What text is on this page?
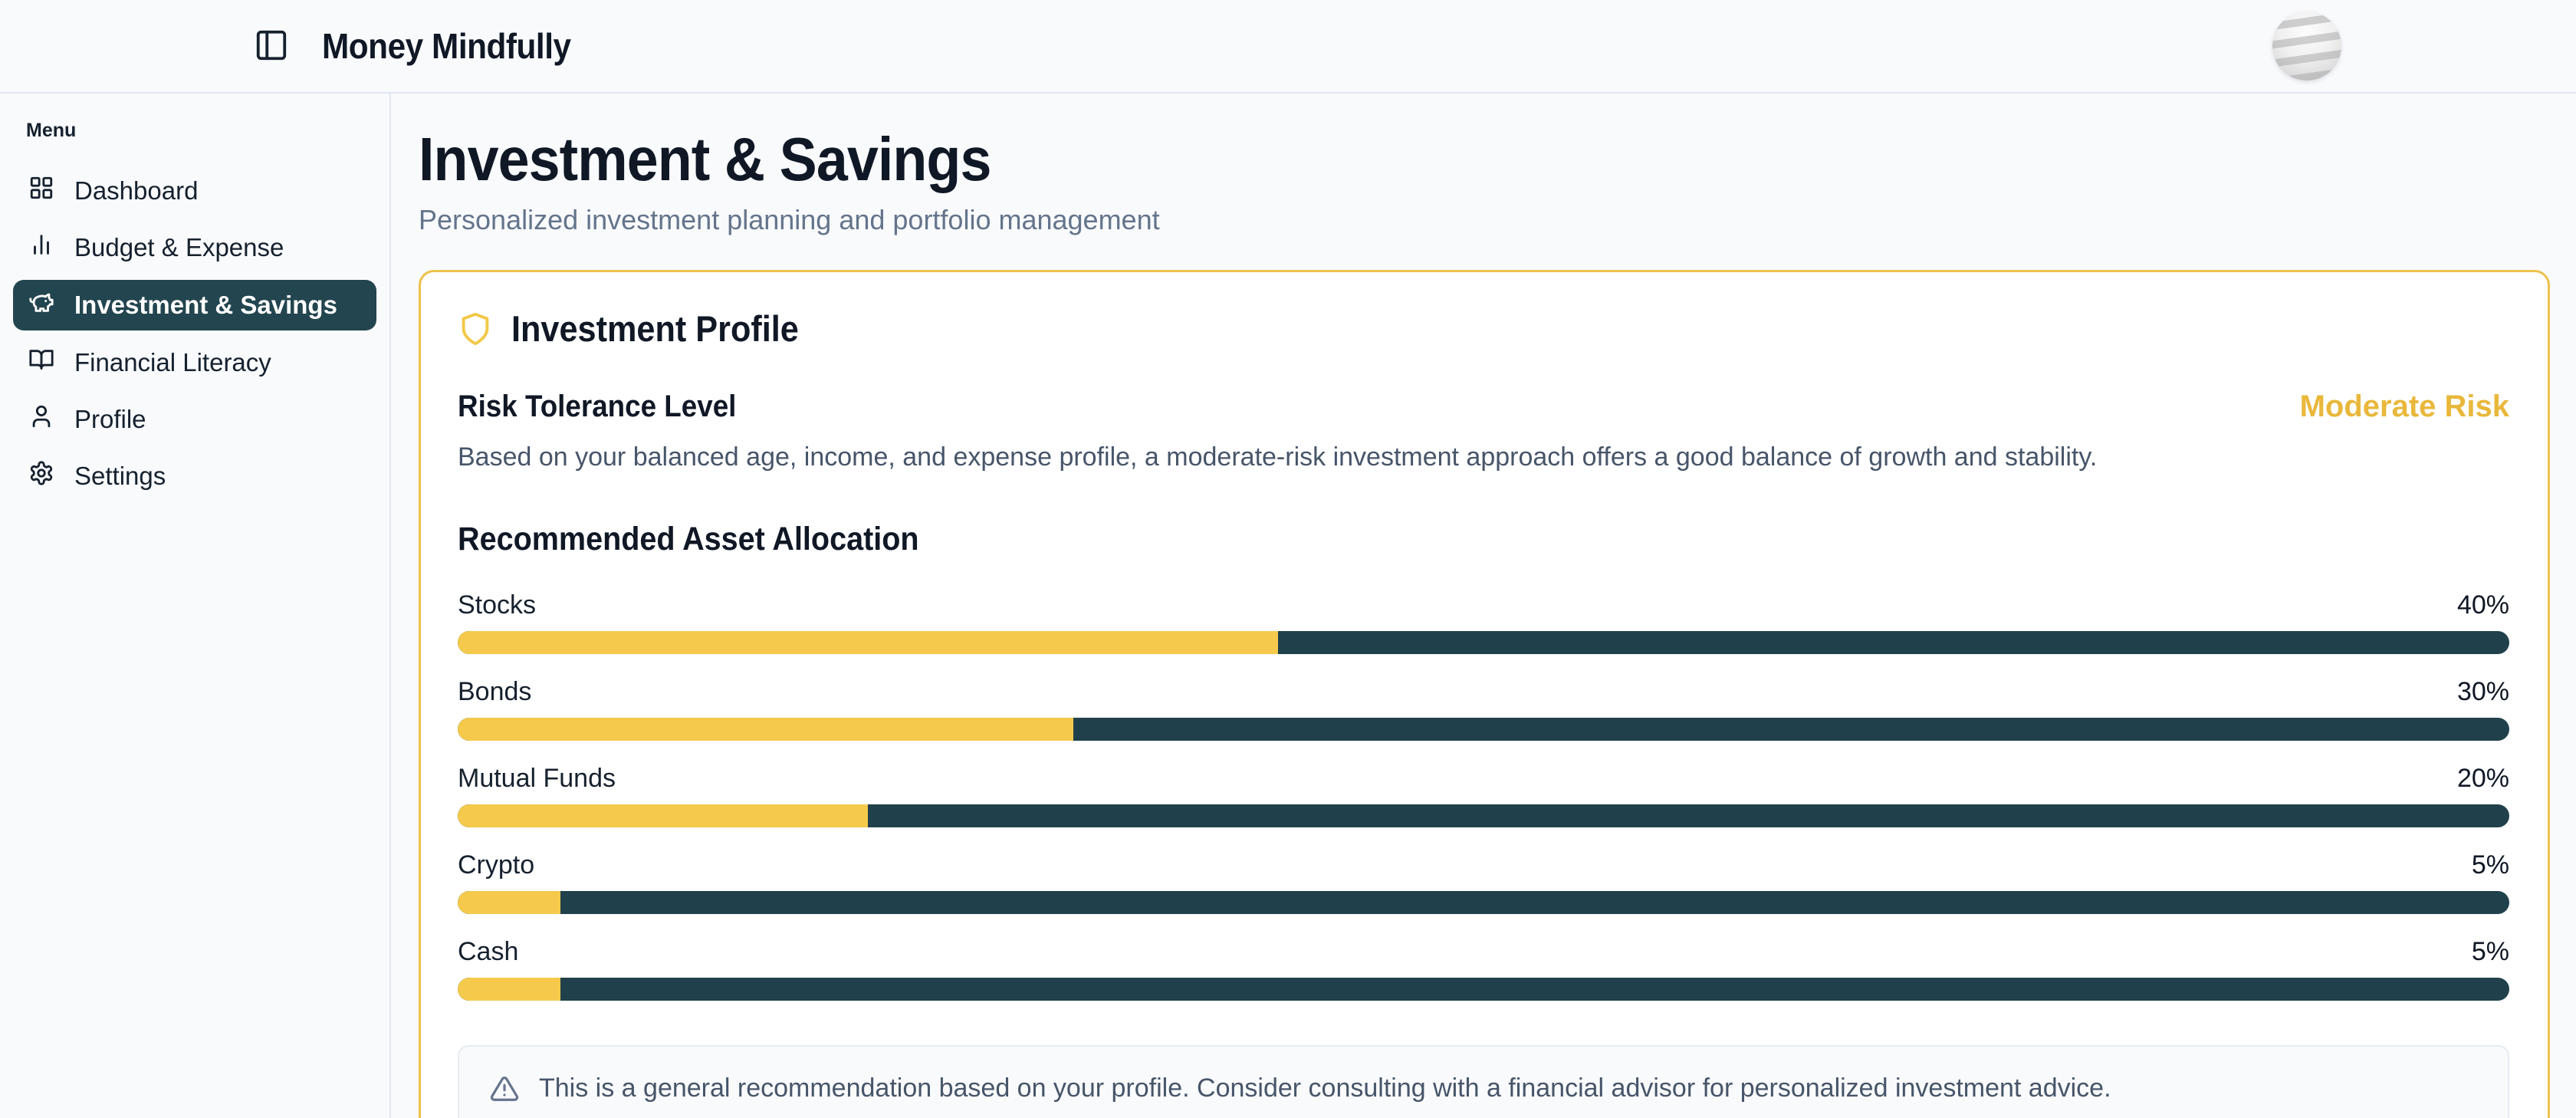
Money Mindfully
Menu
Dashboard
Budget & Expense
Investment & Savings
Financial Literacy
Profile
Settings
Investment & Savings
Personalized investment planning and portfolio management
Investment Profile
Risk Tolerance Level	Moderate Risk

Based on your balanced age, income, and expense profile, a moderate-risk investment approach offers a good balance of growth and stability.

Recommended Asset Allocation
Stocks	40%
Bonds	30%
Mutual Funds	20%
Crypto	5%
Cash	5%
This is a general recommendation based on your profile. Consider consulting with a financial advisor for personalized investment advice.
